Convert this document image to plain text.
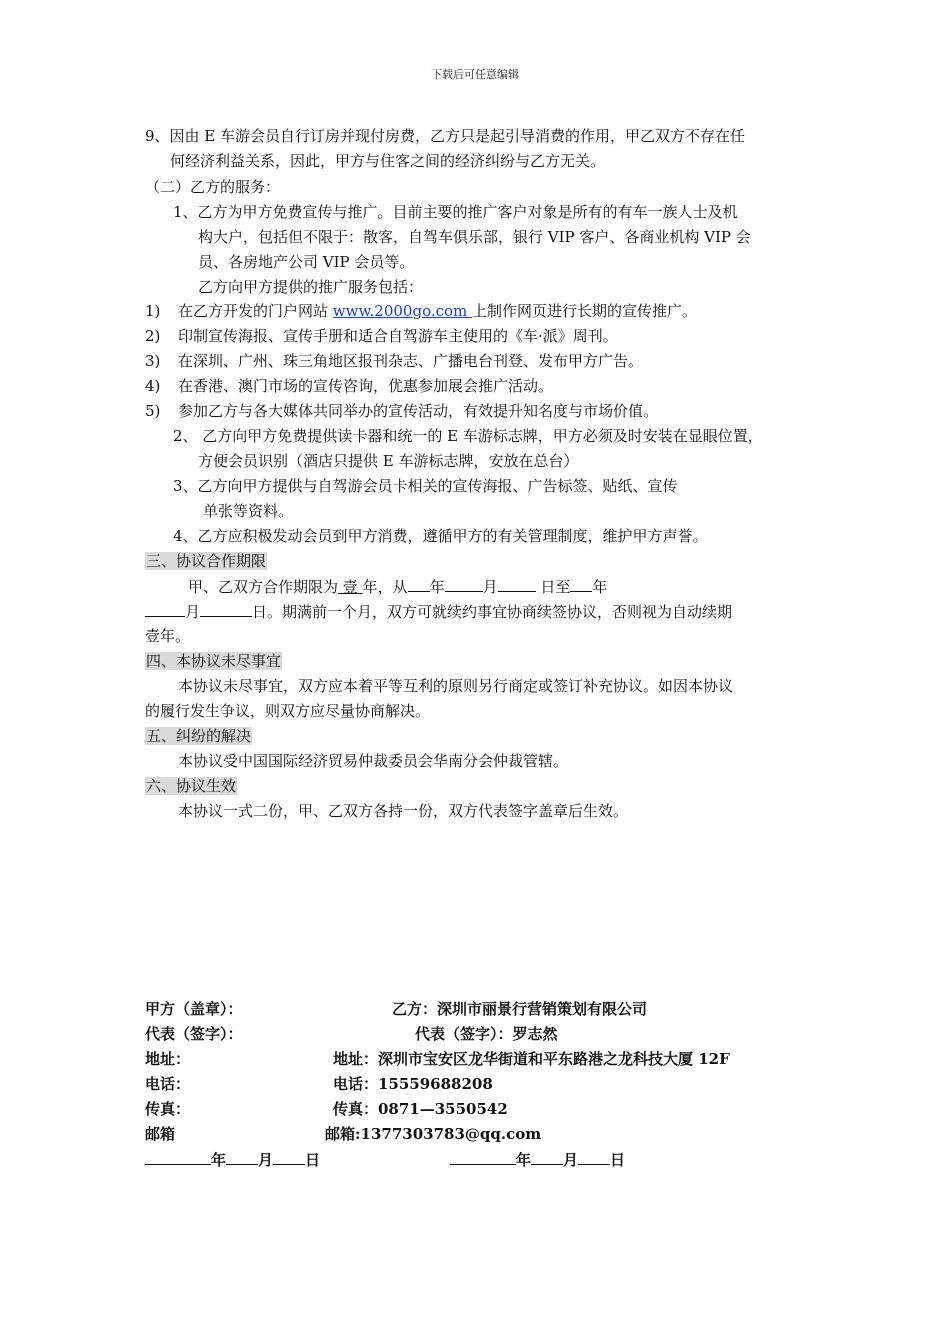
下载后可任意编辑
9、因由 E 车游会员自行订房并现付房费，乙方只是起引导消费的作用，甲乙双方不存在任
何经济利益关系，因此，甲方与住客之间的经济纠纷与乙方无关。
（二）乙方的服务：
1、乙方为甲方免费宣传与推广。目前主要的推广客户对象是所有的有车一族人士及机
构大户，包括但不限于：散客，自驾车俱乐部，银行 VIP 客户、各商业机构 VIP 会
员、各房地产公司 VIP 会员等。
乙方向甲方提供的推广服务包括：
1) 在乙方开发的门户网站 www.2000go.com 上制作网页进行长期的宣传推广。
2) 印制宣传海报、宣传手册和适合自驾游车主使用的《车·派》周刊。
3) 在深圳、广州、珠三角地区报刊杂志、广播电台刊登、发布甲方广告。
4) 在香港、澳门市场的宣传咨询，优惠参加展会推广活动。
5) 参加乙方与各大媒体共同举办的宣传活动，有效提升知名度与市场价值。
2、 乙方向甲方免费提供读卡器和统一的 E 车游标志牌，甲方必须及时安装在显眼位置，
方便会员识别（酒店只提供 E 车游标志牌，安放在总台）
3、乙方向甲方提供与自驾游会员卡相关的宣传海报、广告标签、贴纸、宣传
单张等资料。
4、乙方应积极发动会员到甲方消费，遵循甲方的有关管理制度，维护甲方声誉。
三、协议合作期限
甲、乙双方合作期限为 壹 年，从 年	月	日至 年
月	日。期满前一个月，双方可就续约事宜协商续签协议，否则视为自动续期
壹年。
四、本协议未尽事宜
本协议未尽事宜，双方应本着平等互利的原则另行商定或签订补充协议。如因本协议
的履行发生争议，则双方应尽量协商解决。
五、纠纷的解决
本协议受中国国际经济贸易仲裁委员会华南分会仲裁管辖。
六、协议生效
本协议一式二份，甲、乙双方各持一份，双方代表签字盖章后生效。
甲方（盖章）：	乙方：深圳市丽景行营销策划有限公司
代表（签字）：	代表（签字）：罗志然
地址：	地址：深圳市宝安区龙华街道和平东路港之龙科技大厦 12F
电话：	电话：15559688208
传真：	传真：0871—3550542
邮箱	邮箱:1377303783@qq.com
年 月 日	年 月 日
